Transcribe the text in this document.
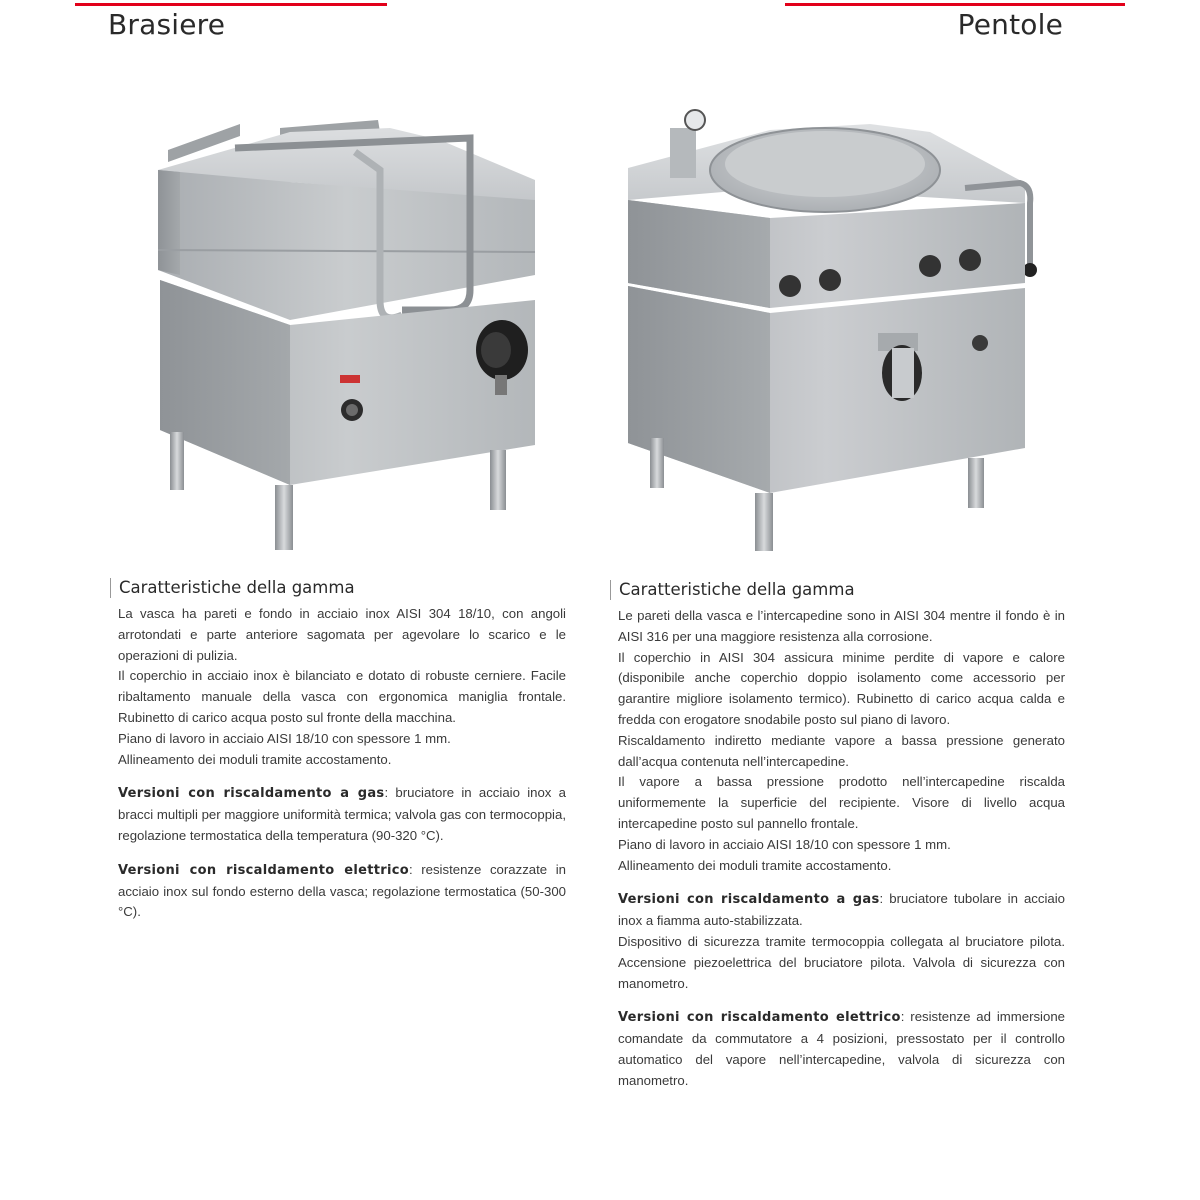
Brasiere	Pentole
Caratteristiche della gamma

La vasca ha pareti e fondo in acciaio inox AISI 304 18/10, con angoli arrotondati e parte anteriore sagomata per agevolare lo scarico e le operazioni di pulizia.

Il coperchio in acciaio inox è bilanciato e dotato di robuste cerniere. Facile ribaltamento manuale della vasca con ergonomica maniglia frontale. Rubinetto di carico acqua posto sul fronte della macchina.

Piano di lavoro in acciaio AISI 18/10 con spessore 1 mm.

Allineamento dei moduli tramite accostamento.

Versioni con riscaldamento a gas: bruciatore in acciaio inox a bracci multipli per maggiore uniformità termica; valvola gas con termocoppia, regolazione termostatica della temperatura (90-320 °C).

Versioni con riscaldamento elettrico: resistenze corazzate in acciaio inox sul fondo esterno della vasca; regolazione termostatica (50-300 °C).

Caratteristiche della gamma

Le pareti della vasca e l’intercapedine sono in AISI 304 mentre il fondo è in AISI 316 per una maggiore resistenza alla corrosione.

Il coperchio in AISI 304 assicura minime perdite di vapore e calore (disponibile anche coperchio doppio isolamento come accessorio per garantire migliore isolamento termico). Rubinetto di carico acqua calda e fredda con erogatore snodabile posto sul piano di lavoro.

Riscaldamento indiretto mediante vapore a bassa pressione generato dall’acqua contenuta nell’intercapedine.

Il vapore a bassa pressione prodotto nell’intercapedine riscalda uniformemente la superficie del recipiente. Visore di livello acqua intercapedine posto sul pannello frontale.

Piano di lavoro in acciaio AISI 18/10 con spessore 1 mm.

Allineamento dei moduli tramite accostamento.

Versioni con riscaldamento a gas: bruciatore tubolare in acciaio inox a fiamma auto-stabilizzata.

Dispositivo di sicurezza tramite termocoppia collegata al bruciatore pilota. Accensione piezoelettrica del bruciatore pilota. Valvola di sicurezza con manometro.

Versioni con riscaldamento elettrico: resistenze ad immersione comandate da commutatore a 4 posizioni, pressostato per il controllo automatico del vapore nell’intercapedine, valvola di sicurezza con manometro.
